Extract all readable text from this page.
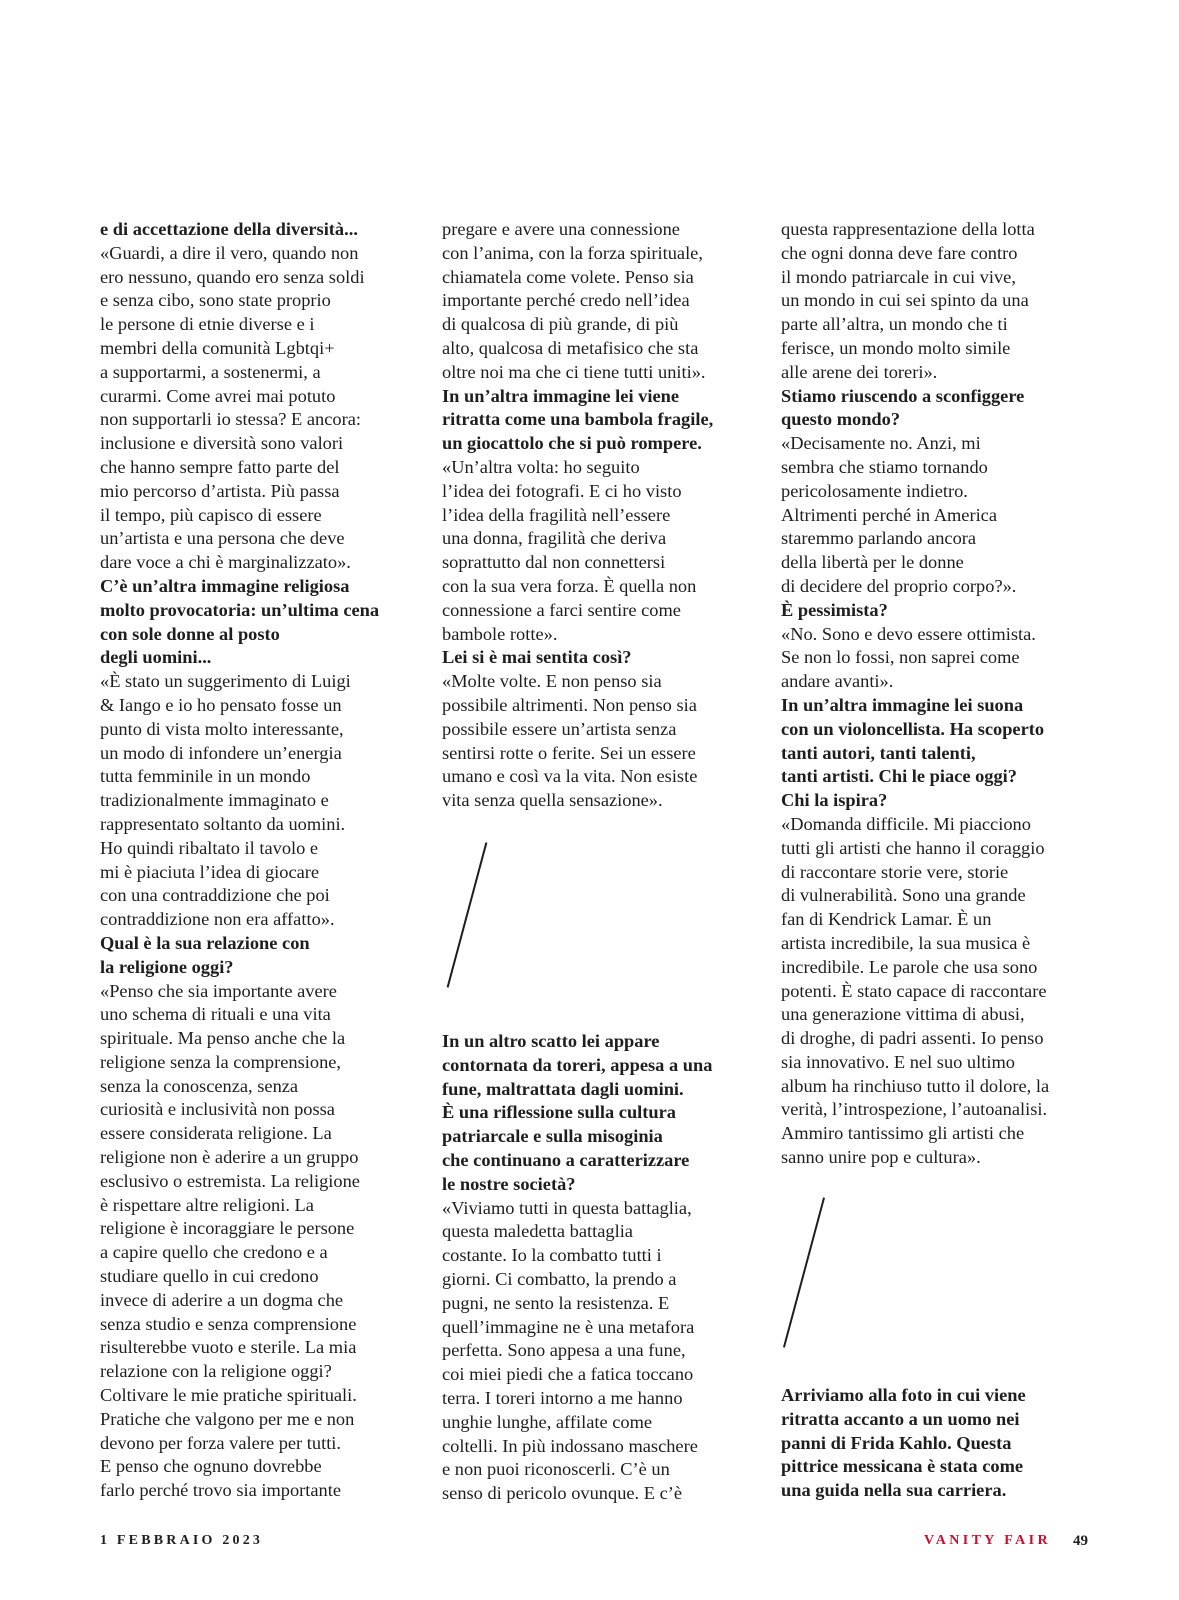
e di accettazione della diversità...
«Guardi, a dire il vero, quando non
ero nessuno, quando ero senza soldi
e senza cibo, sono state proprio
le persone di etnie diverse e i
membri della comunità Lgbtqi+
a supportarmi, a sostenermi, a
curarmi. Come avrei mai potuto
non supportarli io stessa? E ancora:
inclusione e diversità sono valori
che hanno sempre fatto parte del
mio percorso d’artista. Più passa
il tempo, più capisco di essere
un’artista e una persona che deve
dare voce a chi è marginalizzato».
C’è un’altra immagine religiosa
molto provocatoria: un’ultima cena
con sole donne al posto
degli uomini...
«È stato un suggerimento di Luigi
& Iango e io ho pensato fosse un
punto di vista molto interessante,
un modo di infondere un’energia
tutta femminile in un mondo
tradizionalmente immaginato e
rappresentato soltanto da uomini.
Ho quindi ribaltato il tavolo e
mi è piaciuta l’idea di giocare
con una contraddizione che poi
contraddizione non era affatto».
Qual è la sua relazione con
la religione oggi?
«Penso che sia importante avere
uno schema di rituali e una vita
spirituale. Ma penso anche che la
religione senza la comprensione,
senza la conoscenza, senza
curiosità e inclusività non possa
essere considerata religione. La
religione non è aderire a un gruppo
esclusivo o estremista. La religione
è rispettare altre religioni. La
religione è incoraggiare le persone
a capire quello che credono e a
studiare quello in cui credono
invece di aderire a un dogma che
senza studio e senza comprensione
risulterebbe vuoto e sterile. La mia
relazione con la religione oggi?
Coltivare le mie pratiche spirituali.
Pratiche che valgono per me e non
devono per forza valere per tutti.
E penso che ognuno dovrebbe
farlo perché trovo sia importante
pregare e avere una connessione
con l’anima, con la forza spirituale,
chiamatela come volete. Penso sia
importante perché credo nell’idea
di qualcosa di più grande, di più
alto, qualcosa di metafisico che sta
oltre noi ma che ci tiene tutti uniti».
In un’altra immagine lei viene
ritratta come una bambola fragile,
un giocattolo che si può rompere.
«Un’altra volta: ho seguito
l’idea dei fotografi. E ci ho visto
l’idea della fragilità nell’essere
una donna, fragilità che deriva
soprattutto dal non connettersi
con la sua vera forza. È quella non
connessione a farci sentire come
bambole rotte».
Lei si è mai sentita così?
«Molte volte. E non penso sia
possibile altrimenti. Non penso sia
possibile essere un’artista senza
sentirsi rotte o ferite. Sei un essere
umano e così va la vita. Non esiste
vita senza quella sensazione».
In un altro scatto lei appare
contornata da toreri, appesa a una
fune, maltrattata dagli uomini.
È una riflessione sulla cultura
patriarcale e sulla misoginia
che continuano a caratterizzare
le nostre società?
«Viviamo tutti in questa battaglia,
questa maledetta battaglia
costante. Io la combatto tutti i
giorni. Ci combatto, la prendo a
pugni, ne sento la resistenza. E
quell’immagine ne è una metafora
perfetta. Sono appesa a una fune,
coi miei piedi che a fatica toccano
terra. I toreri intorno a me hanno
unghie lunghe, affilate come
coltelli. In più indossano maschere
e non puoi riconoscerli. C’è un
senso di pericolo ovunque. E c’è
questa rappresentazione della lotta
che ogni donna deve fare contro
il mondo patriarcale in cui vive,
un mondo in cui sei spinto da una
parte all’altra, un mondo che ti
ferisce, un mondo molto simile
alle arene dei toreri».
Stiamo riuscendo a sconfiggere
questo mondo?
«Decisamente no. Anzi, mi
sembra che stiamo tornando
pericolosamente indietro.
Altrimenti perché in America
staremmo parlando ancora
della libertà per le donne
di decidere del proprio corpo?».
È pessimista?
«No. Sono e devo essere ottimista.
Se non lo fossi, non saprei come
andare avanti».
In un’altra immagine lei suona
con un violoncellista. Ha scoperto
tanti autori, tanti talenti,
tanti artisti. Chi le piace oggi?
Chi la ispira?
«Domanda difficile. Mi piacciono
tutti gli artisti che hanno il coraggio
di raccontare storie vere, storie
di vulnerabilità. Sono una grande
fan di Kendrick Lamar. È un
artista incredibile, la sua musica è
incredibile. Le parole che usa sono
potenti. È stato capace di raccontare
una generazione vittima di abusi,
di droghe, di padri assenti. Io penso
sia innovativo. E nel suo ultimo
album ha rinchiuso tutto il dolore, la
verità, l’introspezione, l’autoanalisi.
Ammiro tantissimo gli artisti che
sanno unire pop e cultura».
Arriviamo alla foto in cui viene
ritratta accanto a un uomo nei
panni di Frida Kahlo. Questa
pittrice messicana è stata come
una guida nella sua carriera.
1 FEBBRAIO 2023	VANITY FAIR 49
